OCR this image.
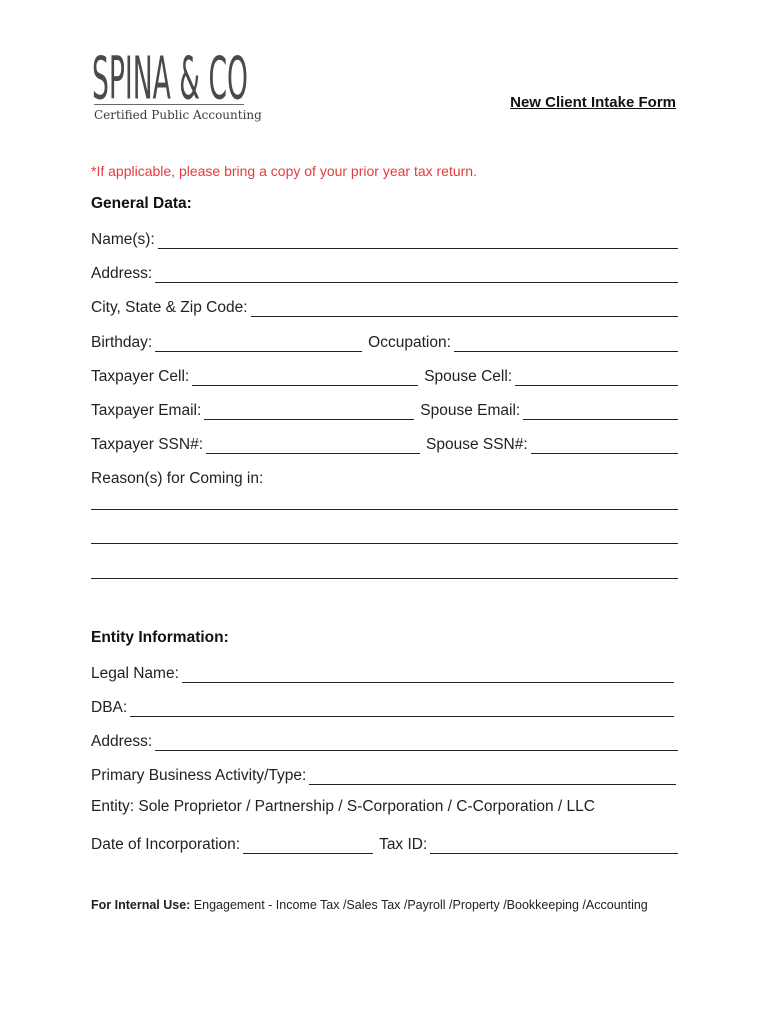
SPINA & CO
Certified Public Accounting
New Client Intake Form
*If applicable, please bring a copy of your prior year tax return.
General Data:
Name(s):
Address:
City, State & Zip Code:
Birthday:	Occupation:
Taxpayer Cell:	Spouse Cell:
Taxpayer Email:	Spouse Email:
Taxpayer SSN#:	Spouse SSN#:
Reason(s) for Coming in:
Entity Information:
Legal Name:
DBA:
Address:
Primary Business Activity/Type:
Entity: Sole Proprietor / Partnership / S-Corporation / C-Corporation / LLC
Date of Incorporation:	Tax ID:
For Internal Use: Engagement - Income Tax /Sales Tax /Payroll /Property /Bookkeeping /Accounting
